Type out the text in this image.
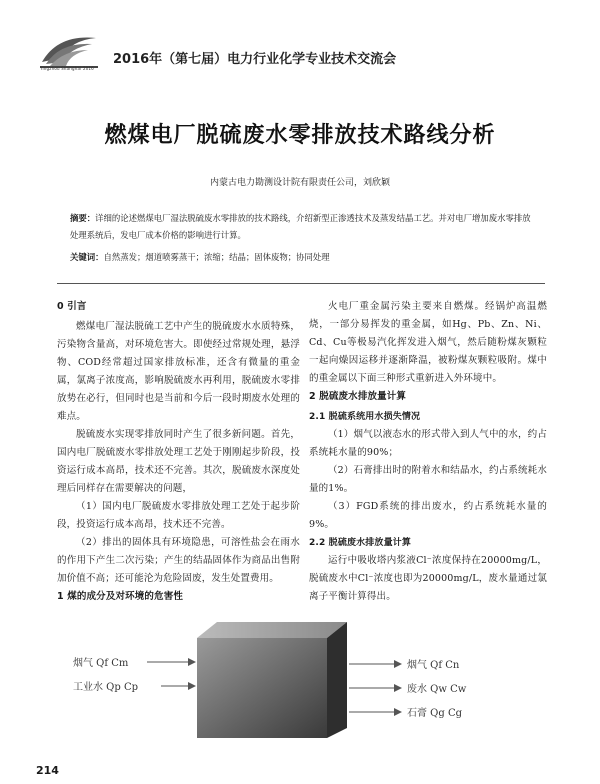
Yingzhou Shanghai 2016
2016年（第七届）电力行业化学专业技术交流会
燃煤电厂脱硫废水零排放技术路线分析
内蒙古电力勘测设计院有限责任公司，刘欣颖
摘要：详细的论述燃煤电厂湿法脱硫废水零排放的技术路线，介绍新型正渗透技术及蒸发结晶工艺。并对电厂增加废水零排放处理系统后，发电厂成本价格的影响进行计算。
关键词：自然蒸发；烟道喷雾蒸干；浓缩；结晶；固体废物；协同处理
0 引言
燃煤电厂湿法脱硫工艺中产生的脱硫废水水质特殊，污染物含量高，对环境危害大。即使经过常规处理，悬浮物、COD经常超过国家排放标准，还含有微量的重金属，氯离子浓度高，影响脱硫废水再利用，脱硫废水零排放势在必行，但同时也是当前和今后一段时期废水处理的难点。
脱硫废水实现零排放同时产生了很多新问题。首先，国内电厂脱硫废水零排放处理工艺处于刚刚起步阶段，投资运行成本高昂，技术还不完善。其次，脱硫废水深度处理后同样存在需要解决的问题，
（1）国内电厂脱硫废水零排放处理工艺处于起步阶段，投资运行成本高昂，技术还不完善。
（2）排出的固体具有环境隐患，可溶性盐会在雨水的作用下产生二次污染；产生的结晶固体作为商品出售附加价值不高；还可能沦为危险固废，发生处置费用。
1 煤的成分及对环境的危害性
火电厂重金属污染主要来自燃煤。经锅炉高温燃烧，一部分易挥发的重金属，如Hg、Pb、Zn、Ni、Cd、Cu等极易汽化挥发进入烟气，然后随粉煤灰颗粒一起向燥因运移并逐渐降温，被粉煤灰颗粒吸附。煤中的重金属以下面三种形式重新进入外环境中。
2 脱硫废水排放量计算
2.1 脱硫系统用水损失情况
（1）烟气以液态水的形式带入到人气中的水，约占系统耗水量的90%；
（2）石膏排出时的附着水和结晶水，约占系统耗水量的1%。
（3）FGD系统的排出废水，约占系统耗水量的9%。
2.2 脱硫废水排放量计算
运行中吸收塔内浆液Cl⁻浓度保持在20000mg/L，脱硫废水中Cl⁻浓度也即为20000mg/L，废水量通过氯离子平衡计算得出。
烟气 Qf Cm
工业水 Qp Cp
烟气 Qf Cn
废水 Qw Cw
石膏 Qg Cg
214
